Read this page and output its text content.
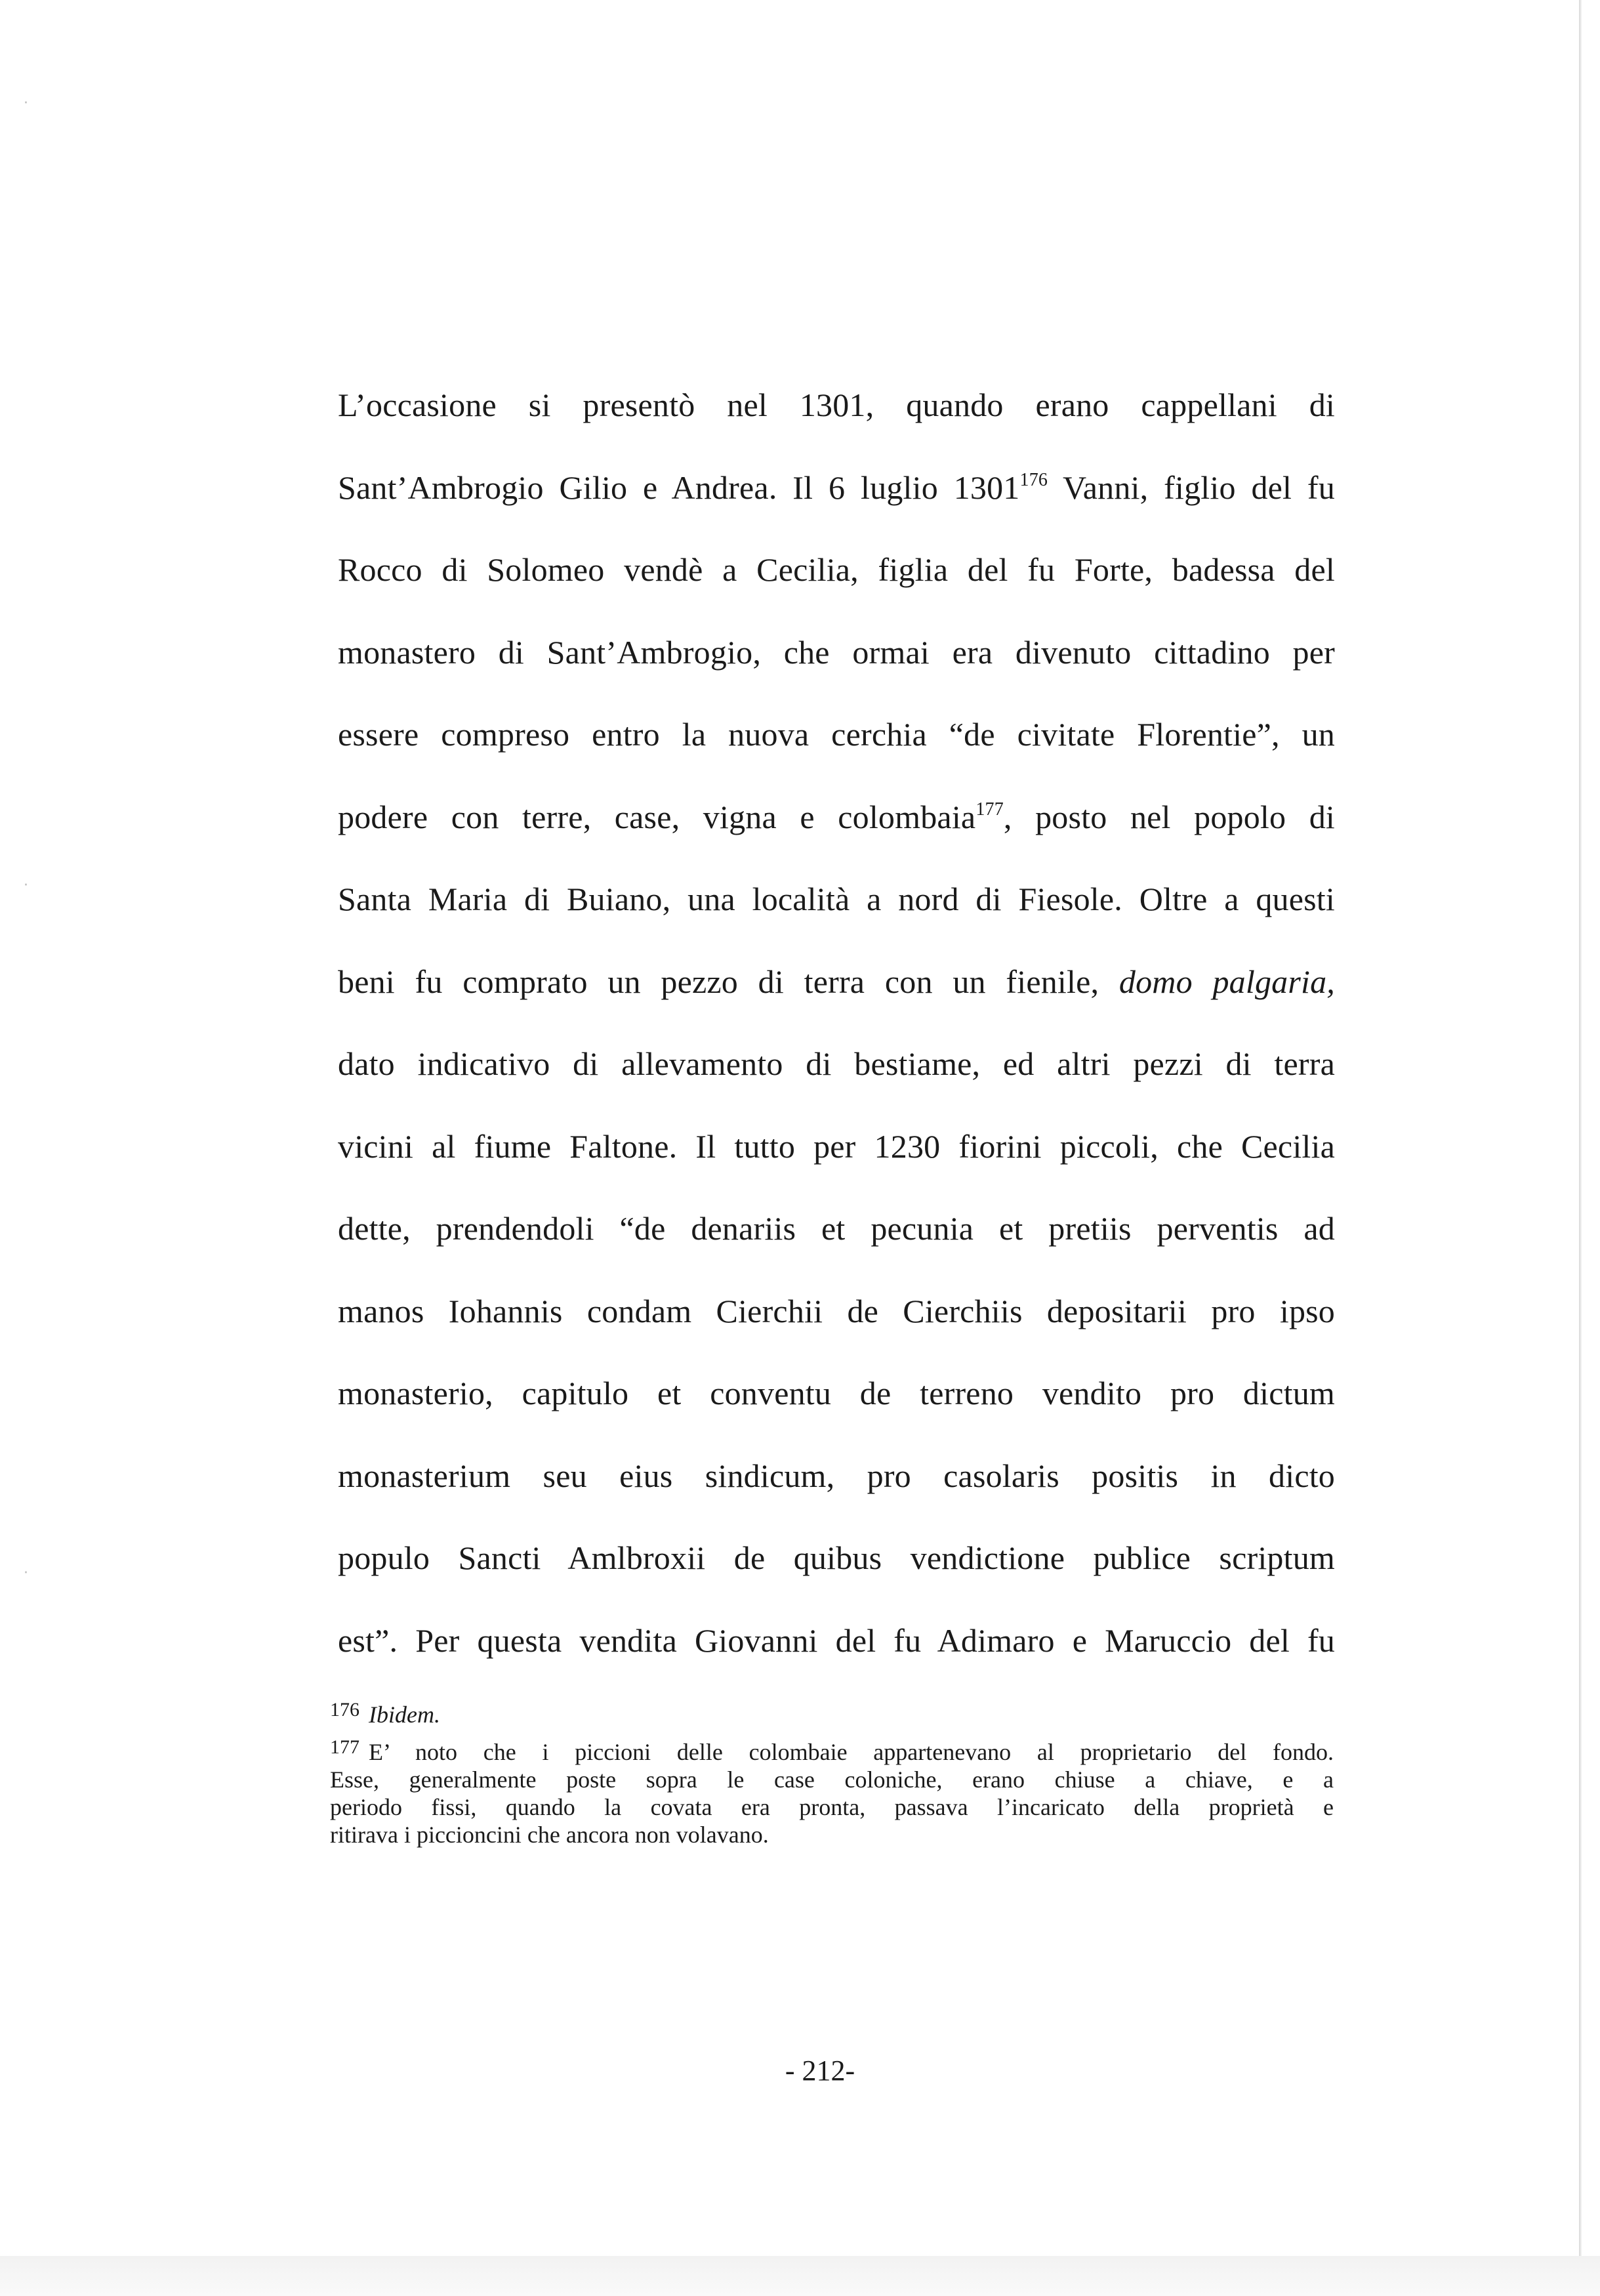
‧
‧
‧
L’occasione si presentò nel 1301, quando erano cappellani di
Sant’Ambrogio Gilio e Andrea. Il 6 luglio 1301$^{176}$ Vanni, figlio del fu
Rocco di Solomeo vendè a Cecilia, figlia del fu Forte, badessa del
monastero di Sant’Ambrogio, che ormai era divenuto cittadino per
essere compreso entro la nuova cerchia “de civitate Florentie”, un
podere con terre, case, vigna e colombaia$^{177}$, posto nel popolo di
Santa Maria di Buiano, una località a nord di Fiesole. Oltre a questi
beni fu comprato un pezzo di terra con un fienile, domo palgaria,
dato indicativo di allevamento di bestiame, ed altri pezzi di terra
vicini al fiume Faltone. Il tutto per 1230 fiorini piccoli, che Cecilia
dette, prendendoli “de denariis et pecunia et pretiis perventis ad
manos Iohannis condam Cierchii de Cierchiis depositarii pro ipso
monasterio, capitulo et conventu de terreno vendito pro dictum
monasterium seu eius sindicum, pro casolaris positis in dicto
populo Sancti Amlbroxii de quibus vendictione publice scriptum
est”. Per questa vendita Giovanni del fu Adimaro e Maruccio del fu
$^{176}$ Ibidem.
$^{177}$ E’ noto che i piccioni delle colombaie appartenevano al proprietario del fondo.
Esse, generalmente poste sopra le case coloniche, erano chiuse a chiave, e a
periodo fissi, quando la covata era pronta, passava l’incaricato della proprietà e
ritirava i piccioncini che ancora non volavano.
- 212-
